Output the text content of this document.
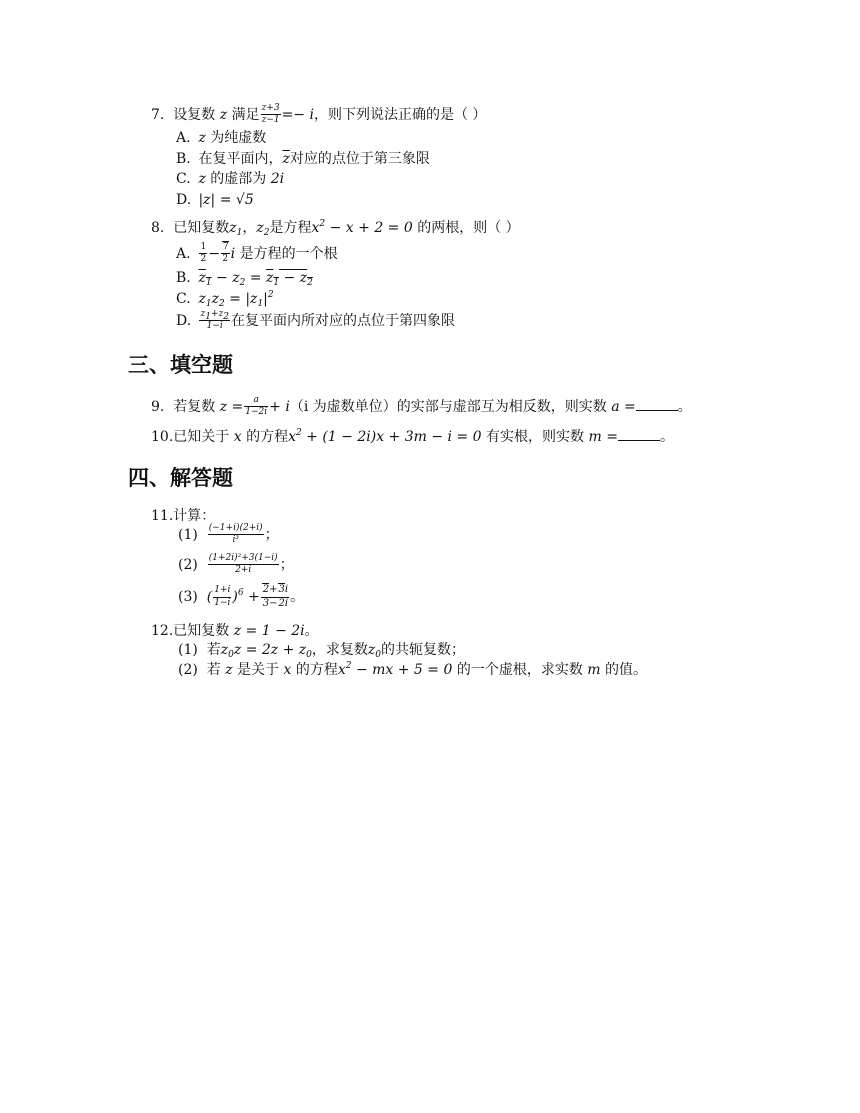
7. 设复数 z 满足 $\frac{z+3}{z-1} =- i$，则下列说法正确的是（ ）
A. z 为纯虚数
B. 在复平面内，$\overline{z}$对应的点位于第三象限
C. z 的虚部为 2i
D. |z| = √5
8. 已知复数$z_1$，$z_2$是方程$x^2 - x + 2 = 0$ 的两根，则（ ）
A. $\frac{1}{2} - \frac{7}{2}$ i 是方程的一个根
B. $z_1 - z_2 = z_1 - z_2$
C. $z_1z_2 = |z_1|^2$
D. $\frac{z_1+z_2}{1-i}$ 在复平面内所对应的点位于第四象限
三、填空题
9. 若复数 $z = \frac{a}{1-2i} + i(i$ 为虚数单位）的实部与虚部互为相反数，则实数 a =	。
10.已知关于 x 的方程$x^2 + (1 - 2i)x + 3m - i = 0$ 有实根，则实数 m =	。
四、解答题
11.计算：
$(1) \frac{(-1+i)(2+i)}{\text{i³}}$ ；
$(2) \frac{\text{(1+2i)²+3(1−i)}}{2+i}$ ；
(3) ( $\frac{1+i}{1-i} )^6 + \frac{2+3i}{3-2i}$ 。
12.已知复数 z = 1 − 2i。
(1) 若$z_0z = 2z + z_0$，求复数$z_0$的共轭复数；
(2) 若 z 是关于 x 的方程$x^2$ − mx + 5 = 0 的一个虚根，求实数 m 的值。
